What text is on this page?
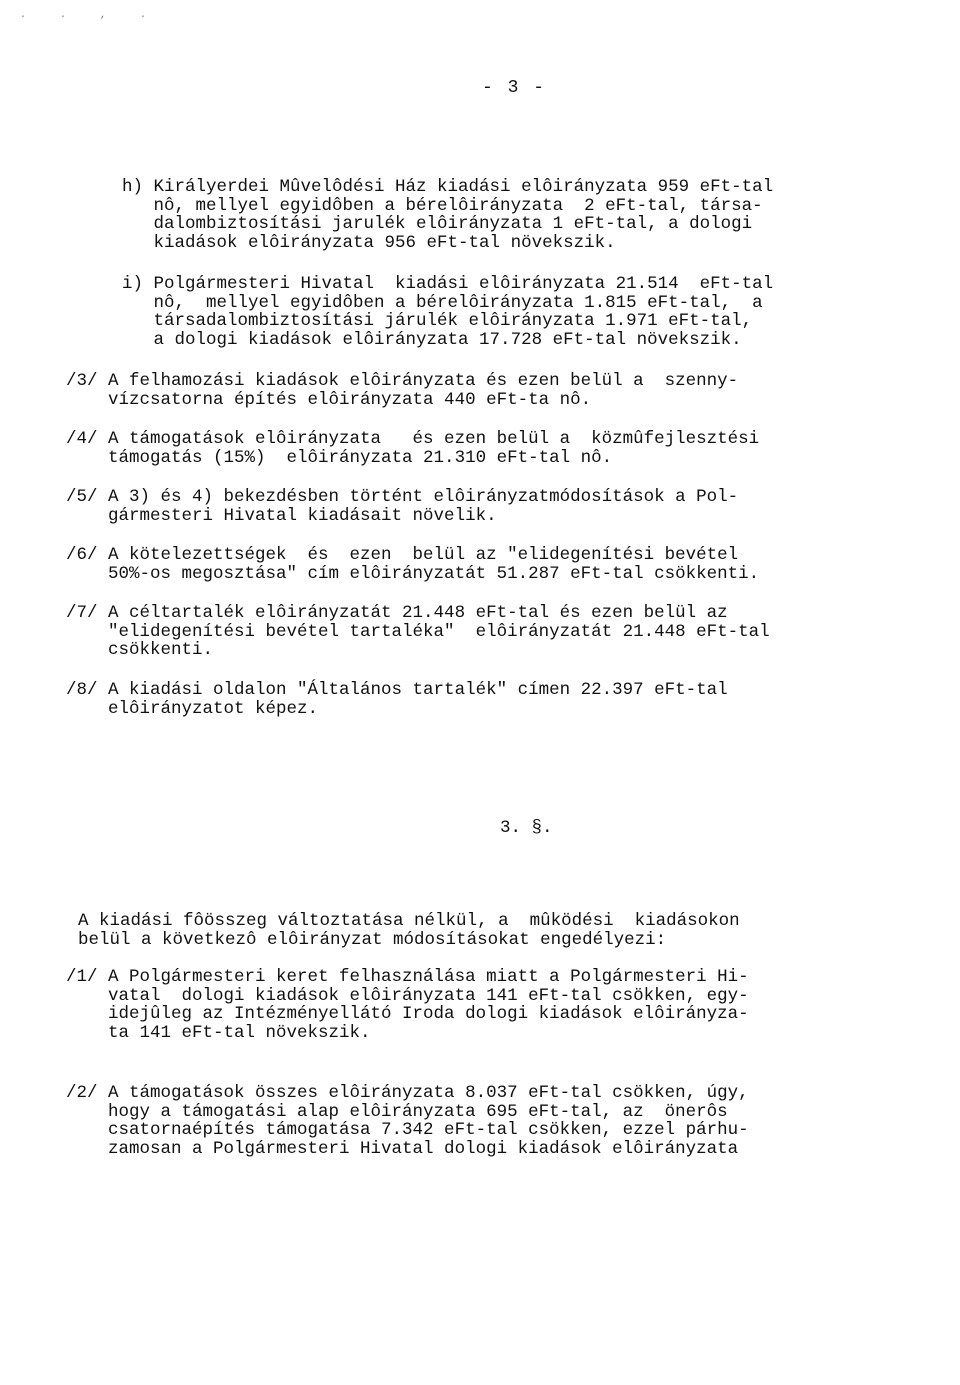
. . , .
- 3 -

h) Királyerdei Mûvelôdési Ház kiadási elôirányzata 959 eFt-tal

nô, mellyel egyidôben a bérelôirányzata  2 eFt-tal, társa-

dalombiztosítási jarulék elôirányzata 1 eFt-tal, a dologi

kiadások elôirányzata 956 eFt-tal növekszik.

i) Polgármesteri Hivatal  kiadási elôirányzata 21.514  eFt-tal

nô,  mellyel egyidôben a bérelôirányzata 1.815 eFt-tal,  a

társadalombiztosítási járulék elôirányzata 1.971 eFt-tal,

a dologi kiadások elôirányzata 17.728 eFt-tal növekszik.

/3/ A felhamozási kiadások elôirányzata és ezen belül a  szenny-

vízcsatorna építés elôirányzata 440 eFt-ta nô.

/4/ A támogatások elôirányzata   és ezen belül a  közmûfejlesztési

támogatás (15%)  elôirányzata 21.310 eFt-tal nô.

/5/ A 3) és 4) bekezdésben történt elôirányzatmódosítások a Pol-

gármesteri Hivatal kiadásait növelik.

/6/ A kötelezettségek  és  ezen  belül az "elidegenítési bevétel

50%-os megosztása" cím elôirányzatát 51.287 eFt-tal csökkenti.

/7/ A céltartalék elôirányzatát 21.448 eFt-tal és ezen belül az

"elidegenítési bevétel tartaléka"  elôirányzatát 21.448 eFt-tal

csökkenti.

/8/ A kiadási oldalon "Általános tartalék" címen 22.397 eFt-tal

elôirányzatot képez.

3. §.

A kiadási fôösszeg változtatása nélkül, a  mûködési  kiadásokon

belül a következô elôirányzat módosításokat engedélyezi:

/1/ A Polgármesteri keret felhasználása miatt a Polgármesteri Hi-

vatal  dologi kiadások elôirányzata 141 eFt-tal csökken, egy-

idejûleg az Intézményellátó Iroda dologi kiadások elôirányza-

ta 141 eFt-tal növekszik.

/2/ A támogatások összes elôirányzata 8.037 eFt-tal csökken, úgy,

hogy a támogatási alap elôirányzata 695 eFt-tal, az  önerôs

csatornaépítés támogatása 7.342 eFt-tal csökken, ezzel párhu-

zamosan a Polgármesteri Hivatal dologi kiadások elôirányzata
